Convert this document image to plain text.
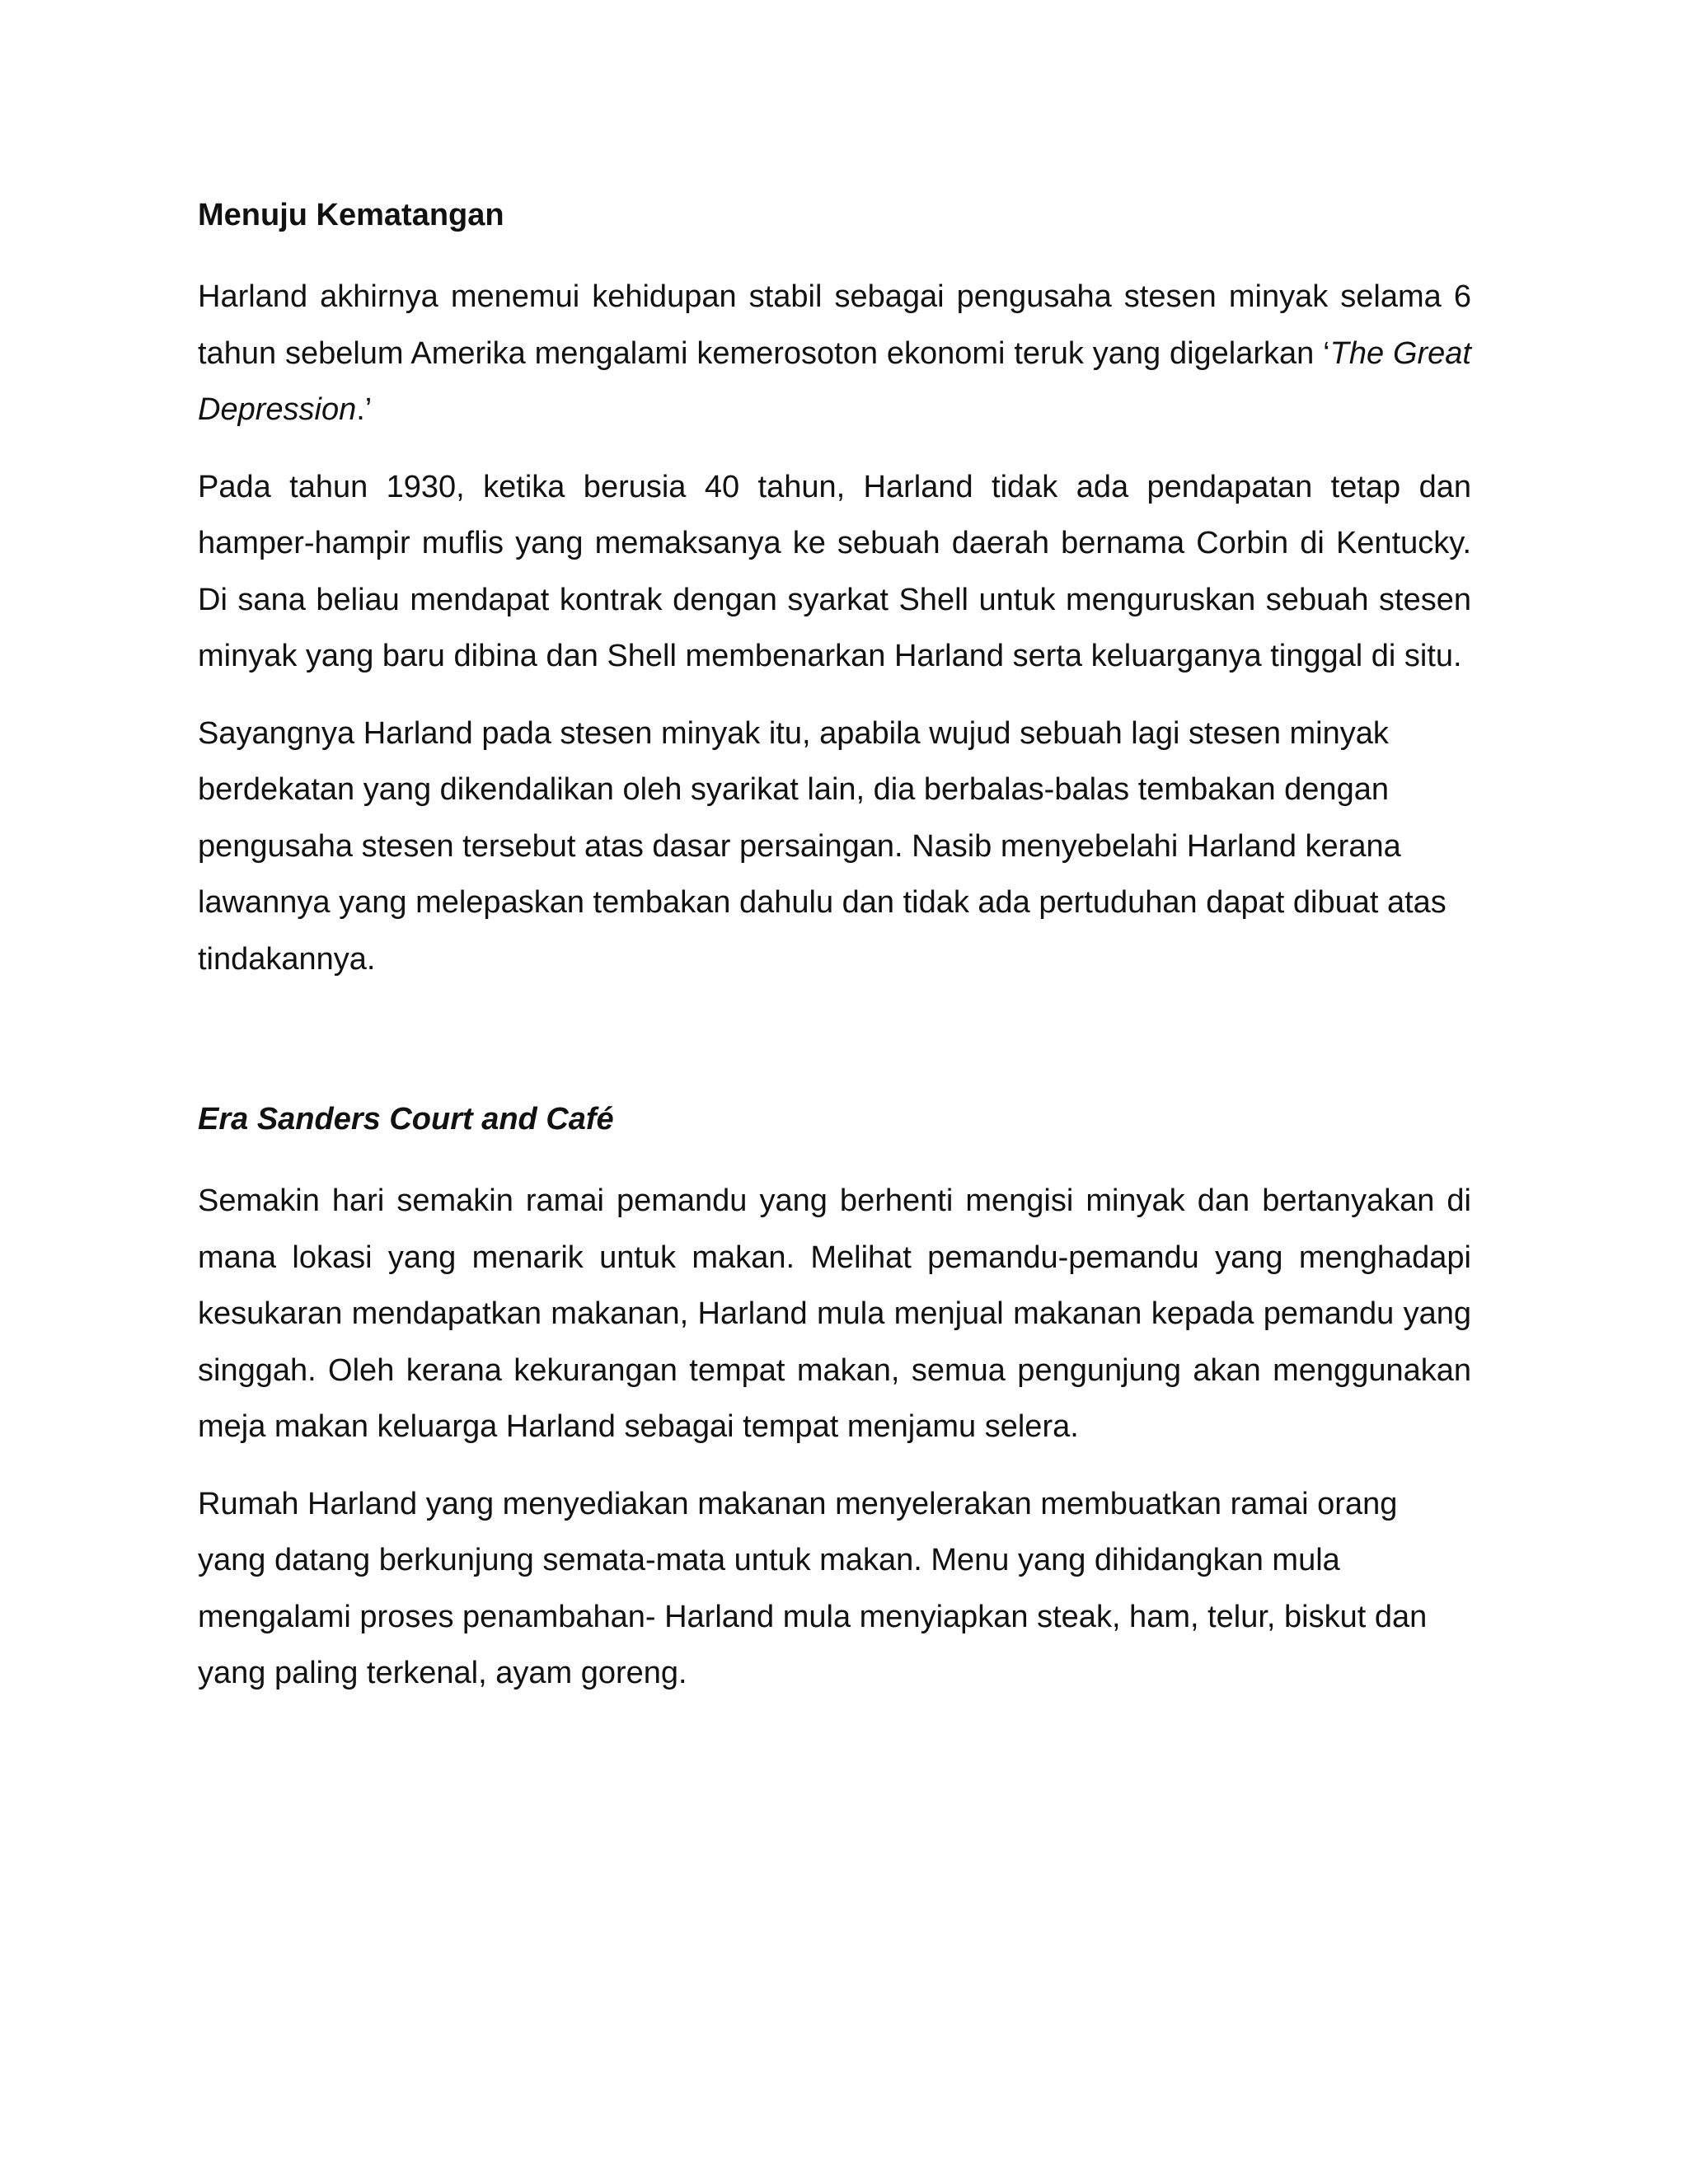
Menuju Kematangan

Harland akhirnya menemui kehidupan stabil sebagai pengusaha stesen minyak selama 6 tahun sebelum Amerika mengalami kemerosoton ekonomi teruk yang digelarkan ‘The Great Depression.’

Pada tahun 1930, ketika berusia 40 tahun, Harland tidak ada pendapatan tetap dan hamper-hampir muflis yang memaksanya ke sebuah daerah bernama Corbin di Kentucky. Di sana beliau mendapat kontrak dengan syarkat Shell untuk menguruskan sebuah stesen minyak yang baru dibina dan Shell membenarkan Harland serta keluarganya tinggal di situ.

Sayangnya Harland pada stesen minyak itu, apabila wujud sebuah lagi stesen minyak berdekatan yang dikendalikan oleh syarikat lain, dia berbalas-balas tembakan dengan pengusaha stesen tersebut atas dasar persaingan. Nasib menyebelahi Harland kerana lawannya yang melepaskan tembakan dahulu dan tidak ada pertuduhan dapat dibuat atas tindakannya.

Era Sanders Court and Café

Semakin hari semakin ramai pemandu yang berhenti mengisi minyak dan bertanyakan di mana lokasi yang menarik untuk makan. Melihat pemandu-pemandu yang menghadapi kesukaran mendapatkan makanan, Harland mula menjual makanan kepada pemandu yang singgah. Oleh kerana kekurangan tempat makan, semua pengunjung akan menggunakan meja makan keluarga Harland sebagai tempat menjamu selera.

Rumah Harland yang menyediakan makanan menyelerakan membuatkan ramai orang yang datang berkunjung semata-mata untuk makan. Menu yang dihidangkan mula mengalami proses penambahan- Harland mula menyiapkan steak, ham, telur, biskut dan yang paling terkenal, ayam goreng.
